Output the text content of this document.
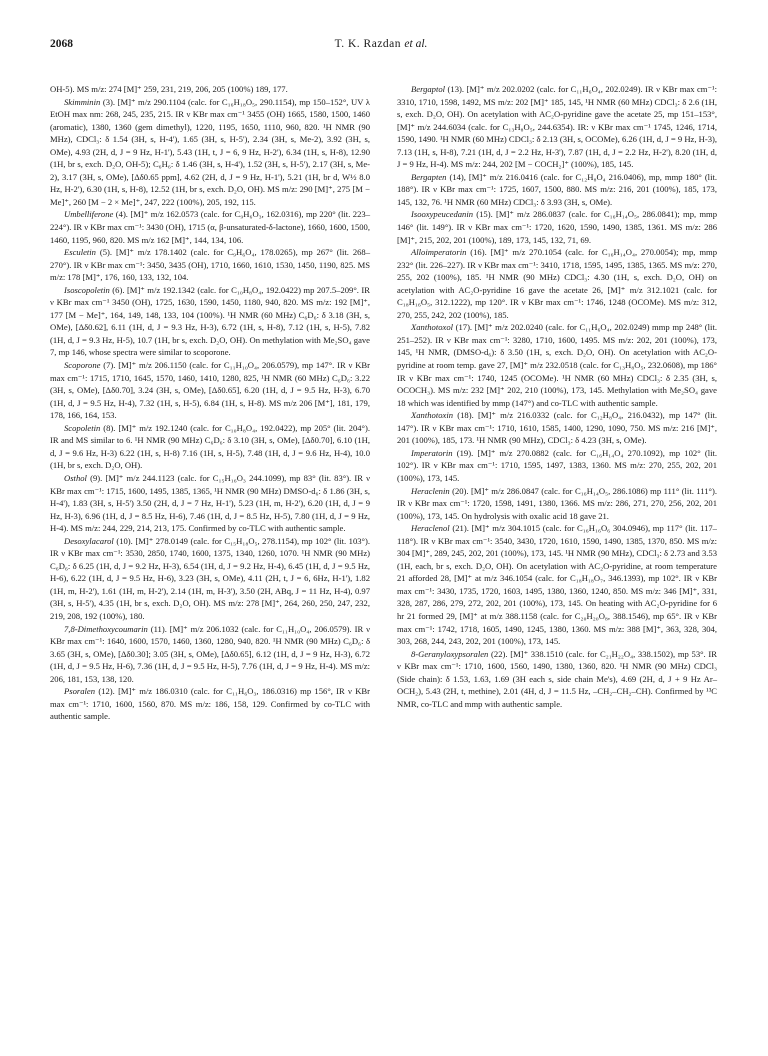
2068	T. K. Razdan et al.

OH-5). MS m/z: 274 [M]⁺ 259, 231, 219, 206, 205 (100%) 189, 177.

Skimminin (3). [M]⁺ m/z 290.1104 (calc. for C₁₆H₁₈O₅, 290.1154), mp 150–152°, UV λ EtOH max nm: 268, 245, 235, 215. IR ν KBr max cm⁻¹ 3455 (OH) 1665, 1580, 1500, 1460 (aromatic), 1380, 1360 (gem dimethyl), 1220, 1195, 1650, 1110, 960, 820. ¹H NMR (90 MHz), CDCl₃: δ 1.54 (3H, s, H-4'), 1.65 (3H, s, H-5'), 2.34 (3H, s, Me-2), 3.92 (3H, s, OMe), 4.93 (2H, d, J = 9 Hz, H-1'), 5.43 (1H, t, J = 6, 9 Hz, H-2'), 6.34 (1H, s, H-8), 12.90 (1H, br s, exch. D₂O, OH-5); C₆H₆: δ 1.46 (3H, s, H-4'), 1.52 (3H, s, H-5'), 2.17 (3H, s, Me-2), 3.17 (3H, s, OMe), [Δδ0.65 ppm], 4.62 (2H, d, J = 9 Hz, H-1'), 5.21 (1H, br d, W½ 8.0 Hz, H-2'), 6.30 (1H, s, H-8), 12.52 (1H, br s, exch. D₂O, OH). MS m/z: 290 [M]⁺, 275 [M − Me]⁺, 260 [M − 2 × Me]⁺, 247, 222 (100%), 205, 192, 115.

Umbelliferone (4). [M]⁺ m/z 162.0573 (calc. for C₉H₆O₃, 162.0316), mp 220° (lit. 223–224°). IR ν KBr max cm⁻¹: 3430 (OH), 1715 (α, β-unsaturated-δ-lactone), 1660, 1600, 1500, 1460, 1195, 960, 820. MS m/z 162 [M]⁺, 144, 134, 106.

Esculetin (5). [M]⁺ m/z 178.1402 (calc. for C₉H₆O₄, 178.0265), mp 267° (lit. 268–270°). IR ν KBr max cm⁻¹: 3450, 3435 (OH), 1710, 1660, 1610, 1530, 1450, 1190, 825. MS m/z: 178 [M]⁺, 176, 160, 133, 132, 104.

Isoscopoletin (6). [M]⁺ m/z 192.1342 (calc. for C₁₀H₈O₄, 192.0422) mp 207.5–209°. IR ν KBr max cm⁻¹ 3450 (OH), 1725, 1630, 1590, 1450, 1180, 940, 820. MS m/z: 192 [M]⁺, 177 [M − Me]⁺, 164, 149, 148, 133, 104 (100%). ¹H NMR (60 MHz) C₆D₆: δ 3.18 (3H, s, OMe), [Δδ0.62], 6.11 (1H, d, J = 9.3 Hz, H-3), 6.72 (1H, s, H-8), 7.12 (1H, s, H-5), 7.82 (1H, d, J = 9.3 Hz, H-5), 10.7 (1H, br s, exch. D₂O, OH). On methylation with Me₂SO₄ gave 7, mp 146, whose spectra were similar to scoporone.

Scoporone (7). [M]⁺ m/z 206.1150 (calc. for C₁₁H₁₀O₄, 206.0579), mp 147°. IR ν KBr max cm⁻¹: 1715, 1710, 1645, 1570, 1460, 1410, 1280, 825, ¹H NMR (60 MHz) C₆D₆: 3.22 (3H, s, OMe), [Δδ0.70], 3.24 (3H, s, OMe), [Δδ0.65], 6.20 (1H, d, J = 9.5 Hz, H-3), 6.70 (1H, d, J = 9.5 Hz, H-4), 7.32 (1H, s, H-5), 6.84 (1H, s, H-8). MS m/z 206 [M⁺], 181, 179, 178, 166, 164, 153.

Scopoletin (8). [M]⁺ m/z 192.1240 (calc. for C₁₀H₈O₄, 192.0422), mp 205° (lit. 204°). IR and MS similar to 6. ¹H NMR (90 MHz) C₆D₆: δ 3.10 (3H, s, OMe), [Δδ0.70], 6.10 (1H, d, J = 9.6 Hz, H-3) 6.22 (1H, s, H-8) 7.16 (1H, s, H-5), 7.48 (1H, d, J = 9.6 Hz, H-4), 10.0 (1H, br s, exch. D₂O, OH).

Osthol (9). [M]⁺ m/z 244.1123 (calc. for C₁₅H₁₆O₃ 244.1099), mp 83° (lit. 83°). IR ν KBr max cm⁻¹: 1715, 1600, 1495, 1385, 1365, ¹H NMR (90 MHz) DMSO-d₆: δ 1.86 (3H, s, H-4'), 1.83 (3H, s, H-5') 3.50 (2H, d, J = 7 Hz, H-1'), 5.23 (1H, m, H-2'), 6.20 (1H, d, J = 9 Hz, H-3), 6.96 (1H, d, J = 8.5 Hz, H-6), 7.46 (1H, d, J = 8.5 Hz, H-5), 7.80 (1H, d, J = 9 Hz, H-4). MS m/z: 244, 229, 214, 213, 175. Confirmed by co-TLC with authentic sample.

Desoxylacarol (10). [M]⁺ 278.0149 (calc. for C₁₅H₁₈O₅, 278.1154), mp 102° (lit. 103°). IR ν KBr max cm⁻¹: 3530, 2850, 1740, 1600, 1375, 1340, 1260, 1070. ¹H NMR (90 MHz) C₆D₆: δ 6.25 (1H, d, J = 9.2 Hz, H-3), 6.54 (1H, d, J = 9.2 Hz, H-4), 6.45 (1H, d, J = 9.5 Hz, H-6), 6.22 (1H, d, J = 9.5 Hz, H-6), 3.23 (3H, s, OMe), 4.11 (2H, t, J = 6, 6Hz, H-1'), 1.82 (1H, m, H-2'), 1.61 (1H, m, H-2'), 2.14 (1H, m, H-3'), 3.50 (2H, ABq, J = 11 Hz, H-4), 0.97 (3H, s, H-5'), 4.35 (1H, br s, exch. D₂O, OH). MS m/z: 278 [M]⁺, 264, 260, 250, 247, 232, 219, 208, 192 (100%), 180.

7,8-Dimethoxycoumarin (11). [M]⁺ m/z 206.1032 (calc. for C₁₁H₁₀O₄, 206.0579). IR ν KBr max cm⁻¹: 1640, 1600, 1570, 1460, 1360, 1280, 940, 820. ¹H NMR (90 MHz) C₆D₆: δ 3.65 (3H, s, OMe), [Δδ0.30]; 3.05 (3H, s, OMe), [Δδ0.65], 6.12 (1H, d, J = 9 Hz, H-3), 6.72 (1H, d, J = 9.5 Hz, H-6), 7.36 (1H, d, J = 9.5 Hz, H-5), 7.76 (1H, d, J = 9 Hz, H-4). MS m/z: 206, 181, 153, 138, 120.

Psoralen (12). [M]⁺ m/z 186.0310 (calc. for C₁₁H₆O₃, 186.0316) mp 156°, IR ν KBr max cm⁻¹: 1710, 1600, 1560, 870. MS m/z: 186, 158, 129. Confirmed by co-TLC with authentic sample.

Bergaptol (13). [M]⁺ m/z 202.0202 (calc. for C₁₁H₆O₄, 202.0249). IR ν KBr max cm⁻¹: 3310, 1710, 1598, 1492, MS m/z: 202 [M]⁺ 185, 145, ¹H NMR (60 MHz) CDCl₃: δ 2.6 (1H, s, exch. D₂O, OH). On acetylation with AC₂O-pyridine gave the acetate 25, mp 151–153°, [M]⁺ m/z 244.6034 (calc. for C₁₃H₈O₅, 244.6354). IR: ν KBr max cm⁻¹ 1745, 1246, 1714, 1590, 1490. ¹H NMR (60 MHz) CDCl₃: δ 2.13 (3H, s, OCOMe), 6.26 (1H, d, J = 9 Hz, H-3), 7.13 (1H, s, H-8), 7.21 (1H, d, J = 2.2 Hz, H-3'), 7.87 (1H, d, J = 2.2 Hz, H-2'), 8.20 (1H, d, J = 9 Hz, H-4). MS m/z: 244, 202 [M − COCH₂]⁺ (100%), 185, 145.

Bergapten (14), [M]⁺ m/z 216.0416 (calc. for C₁₂H₈O₄ 216.0406), mp, mmp 180° (lit. 188°). IR ν KBr max cm⁻¹: 1725, 1607, 1500, 880. MS m/z: 216, 201 (100%), 185, 173, 145, 132, 76. ¹H NMR (60 MHz) CDCl₃: δ 3.93 (3H, s, OMe).

Isooxypeucedanin (15). [M]⁺ m/z 286.0837 (calc. for C₁₆H₁₄O₅, 286.0841); mp, mmp 146° (lit. 149°). IR ν KBr max cm⁻¹: 1720, 1620, 1590, 1490, 1385, 1361. MS m/z: 286 [M]⁺, 215, 202, 201 (100%), 189, 173, 145, 132, 71, 69.

Alloimperatorin (16). [M]⁺ m/z 270.1054 (calc. for C₁₆H₁₄O₄, 270.0054); mp, mmp 232° (lit. 226–227). IR ν KBr max cm⁻¹: 3410, 1718, 1595, 1495, 1385, 1365. MS m/z: 270, 255, 202 (100%), 185. ¹H NMR (90 MHz) CDCl₃: 4.30 (1H, s, exch. D₂O, OH) on acetylation with AC₂O-pyridine 16 gave the acetate 26, [M]⁺ m/z 312.1021 (calc. for C₁₈H₁₆O₅, 312.1222), mp 120°. IR ν KBr max cm⁻¹: 1746, 1248 (OCOMe). MS m/z: 312, 270, 255, 242, 202 (100%), 185.

Xanthotoxol (17). [M]⁺ m/z 202.0240 (calc. for C₁₁H₆O₄, 202.0249) mmp mp 248° (lit. 251–252). IR ν KBr max cm⁻¹: 3280, 1710, 1600, 1495. MS m/z: 202, 201 (100%), 173, 145, ¹H NMR, (DMSO-d₆): δ 3.50 (1H, s, exch. D₂O, OH). On acetylation with AC₂O-pyridine at room temp. gave 27, [M]⁺ m/z 232.0518 (calc. for C₁₃H₈O₅, 232.0608), mp 186° IR ν KBr max cm⁻¹: 1740, 1245 (OCOMe). ¹H NMR (60 MHz) CDCl₃: δ 2.35 (3H, s, OCOCH₃). MS m/z: 232 [M]⁺ 202, 210 (100%), 173, 145. Methylation with Me₂SO₄ gave 18 which was identified by mmp (147°) and co-TLC with authentic sample.

Xanthotoxin (18). [M]⁺ m/z 216.0332 (calc. for C₁₂H₈O₄, 216.0432), mp 147° (lit. 147°). IR ν KBr max cm⁻¹: 1710, 1610, 1585, 1400, 1290, 1090, 750. MS m/z: 216 [M]⁺, 201 (100%), 185, 173. ¹H NMR (90 MHz), CDCl₃: δ 4.23 (3H, s, OMe).

Imperatorin (19). [M]⁺ m/z 270.0882 (calc. for C₁₆H₁₄O₄ 270.1092), mp 102° (lit. 102°). IR ν KBr max cm⁻¹: 1710, 1595, 1497, 1383, 1360. MS m/z: 270, 255, 202, 201 (100%), 173, 145.

Heraclenin (20). [M]⁺ m/z 286.0847 (calc. for C₁₆H₁₄O₅, 286.1086) mp 111° (lit. 111°). IR ν KBr max cm⁻¹: 1720, 1598, 1491, 1380, 1366. MS m/z: 286, 271, 270, 256, 202, 201 (100%), 173, 145. On hydrolysis with oxalic acid 18 gave 21.

Heraclenol (21). [M]⁺ m/z 304.1015 (calc. for C₁₆H₁₆O₆ 304.0946), mp 117° (lit. 117–118°). IR ν KBr max cm⁻¹: 3540, 3430, 1720, 1610, 1590, 1490, 1385, 1370, 850. MS m/z: 304 [M]⁺, 289, 245, 202, 201 (100%), 173, 145. ¹H NMR (90 MHz), CDCl₃: δ 2.73 and 3.53 (1H, each, br s, exch. D₂O, OH). On acetylation with AC₂O-pyridine, at room temperature 21 afforded 28, [M]⁺ at m/z 346.1054 (calc. for C₁₈H₁₈O₇, 346.1393), mp 102°. IR ν KBr max cm⁻¹: 3430, 1735, 1720, 1603, 1495, 1380, 1360, 1240, 850. MS m/z: 346 [M]⁺, 331, 328, 287, 286, 279, 272, 202, 201 (100%), 173, 145. On heating with AC₂O-pyridine for 6 hr 21 formed 29, [M]⁺ at m/z 388.1158 (calc. for C₂₀H₂₀O₈, 388.1546), mp 65°. IR ν KBr max cm⁻¹: 1742, 1718, 1605, 1490, 1245, 1380, 1360. MS m/z: 388 [M]⁺, 363, 328, 304, 303, 268, 244, 243, 202, 201 (100%), 173, 145.

8-Geranyloxypsoralen (22). [M]⁺ 338.1510 (calc. for C₂₁H₂₂O₄, 338.1502), mp 53°. IR ν KBr max cm⁻¹: 1710, 1600, 1560, 1490, 1380, 1360, 820. ¹H NMR (90 MHz) CDCl₃ (Side chain): δ 1.53, 1.63, 1.69 (3H each s, side chain Me's), 4.69 (2H, d, J + 9 Hz Ar–OCH₂), 5.43 (2H, t, methine), 2.01 (4H, d, J = 11.5 Hz, –CH₂–CH₂–CH). Confirmed by ¹³C NMR, co-TLC and mmp with authentic sample.
